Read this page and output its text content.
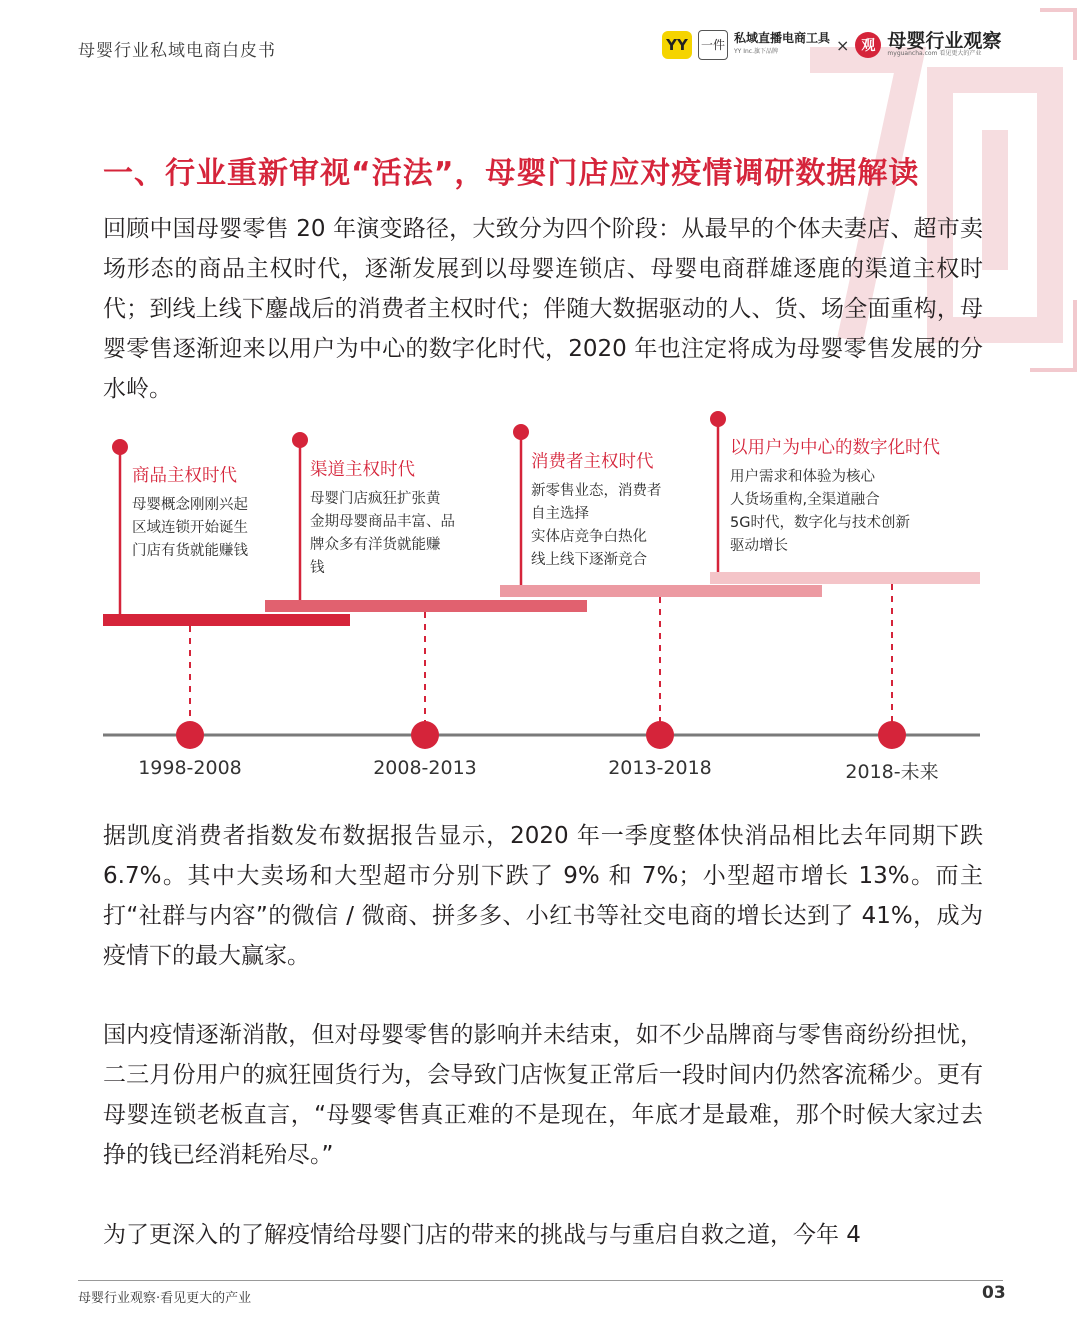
母婴行业私域电商白皮书	YY	一件 私域直播电商工具
YY Inc.旗下品牌	× 观 母婴行业观察
myguancha.com 看见更大的产业
一、行业重新审视“活法”，母婴门店应对疫情调研数据解读

回顾中国母婴零售 20 年演变路径，大致分为四个阶段：从最早的个体夫妻店、超市卖场形态的商品主权时代，逐渐发展到以母婴连锁店、母婴电商群雄逐鹿的渠道主权时代；到线上线下鏖战后的消费者主权时代；伴随大数据驱动的人、货、场全面重构，母婴零售逐渐迎来以用户为中心的数字化时代，2020 年也注定将成为母婴零售发展的分水岭。

商品主权时代
母婴概念刚刚兴起
区域连锁开始诞生
门店有货就能赚钱
渠道主权时代
母婴门店疯狂扩张黄
金期母婴商品丰富、品
牌众多有洋货就能赚
钱
消费者主权时代
新零售业态，消费者
自主选择
实体店竞争白热化
线上线下逐渐竞合
以用户为中心的数字化时代
用户需求和体验为核心
人货场重构,全渠道融合
5G时代，数字化与技术创新
驱动增长
1998-2008	2008-2013	2013-2018	2018-未来

据凯度消费者指数发布数据报告显示，2020 年一季度整体快消品相比去年同期下跌 6.7%。其中大卖场和大型超市分别下跌了 9% 和 7%；小型超市增长 13%。而主打“社群与内容”的微信 / 微商、拼多多、小红书等社交电商的增长达到了 41%，成为疫情下的最大赢家。

国内疫情逐渐消散，但对母婴零售的影响并未结束，如不少品牌商与零售商纷纷担忧，二三月份用户的疯狂囤货行为，会导致门店恢复正常后一段时间内仍然客流稀少。更有母婴连锁老板直言，“母婴零售真正难的不是现在，年底才是最难，那个时候大家过去挣的钱已经消耗殆尽。”

为了更深入的了解疫情给母婴门店的带来的挑战与与重启自救之道，今年 4

母婴行业观察·看见更大的产业	03
